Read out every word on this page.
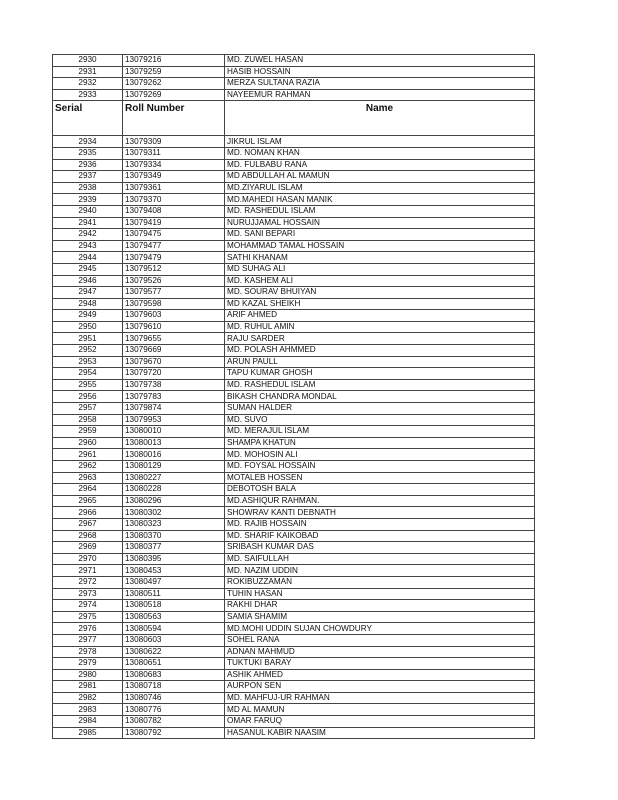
2930	13079216	MD. ZUWEL HASAN
2931	13079259	HASIB HOSSAIN
2932	13079262	MERZA SULTANA RAZIA
2933	13079269	NAYEEMUR RAHMAN
Serial	Roll Number	Name
2934	13079309	JIKRUL ISLAM
2935	13079311	MD. NOMAN KHAN
2936	13079334	MD. FULBABU RANA
2937	13079349	MD ABDULLAH AL MAMUN
2938	13079361	MD.ZIYARUL ISLAM
2939	13079370	MD.MAHEDI HASAN MANIK
2940	13079408	MD. RASHEDUL ISLAM
2941	13079419	NURUJJAMAL HOSSAIN
2942	13079475	MD. SANI BEPARI
2943	13079477	MOHAMMAD TAMAL HOSSAIN
2944	13079479	SATHI KHANAM
2945	13079512	MD SUHAG ALI
2946	13079526	MD. KASHEM ALI
2947	13079577	MD. SOURAV BHUIYAN
2948	13079598	MD KAZAL SHEIKH
2949	13079603	ARIF AHMED
2950	13079610	MD. RUHUL AMIN
2951	13079655	RAJU SARDER
2952	13079669	MD. POLASH AHMMED
2953	13079670	ARUN PAULL
2954	13079720	TAPU KUMAR GHOSH
2955	13079738	MD. RASHEDUL ISLAM
2956	13079783	BIKASH CHANDRA MONDAL
2957	13079874	SUMAN HALDER
2958	13079953	MD. SUVO
2959	13080010	MD. MERAJUL ISLAM
2960	13080013	SHAMPA KHATUN
2961	13080016	MD. MOHOSIN ALI
2962	13080129	MD. FOYSAL HOSSAIN
2963	13080227	MOTALEB HOSSEN
2964	13080228	DEBOTOSH BALA
2965	13080296	MD.ASHIQUR RAHMAN.
2966	13080302	SHOWRAV KANTI DEBNATH
2967	13080323	MD. RAJIB HOSSAIN
2968	13080370	MD. SHARIF KAIKOBAD
2969	13080377	SRIBASH KUMAR DAS
2970	13080395	MD. SAIFULLAH
2971	13080453	MD. NAZIM UDDIN
2972	13080497	ROKIBUZZAMAN
2973	13080511	TUHIN HASAN
2974	13080518	RAKHI DHAR
2975	13080563	SAMIA SHAMIM
2976	13080594	MD.MOHI UDDIN SUJAN CHOWDURY
2977	13080603	SOHEL RANA
2978	13080622	ADNAN MAHMUD
2979	13080651	TUKTUKI BARAY
2980	13080683	ASHIK AHMED
2981	13080718	AURPON SEN
2982	13080746	MD. MAHFUJ-UR RAHMAN
2983	13080776	MD AL MAMUN
2984	13080782	OMAR FARUQ
2985	13080792	HASANUL KABIR NAASIM
